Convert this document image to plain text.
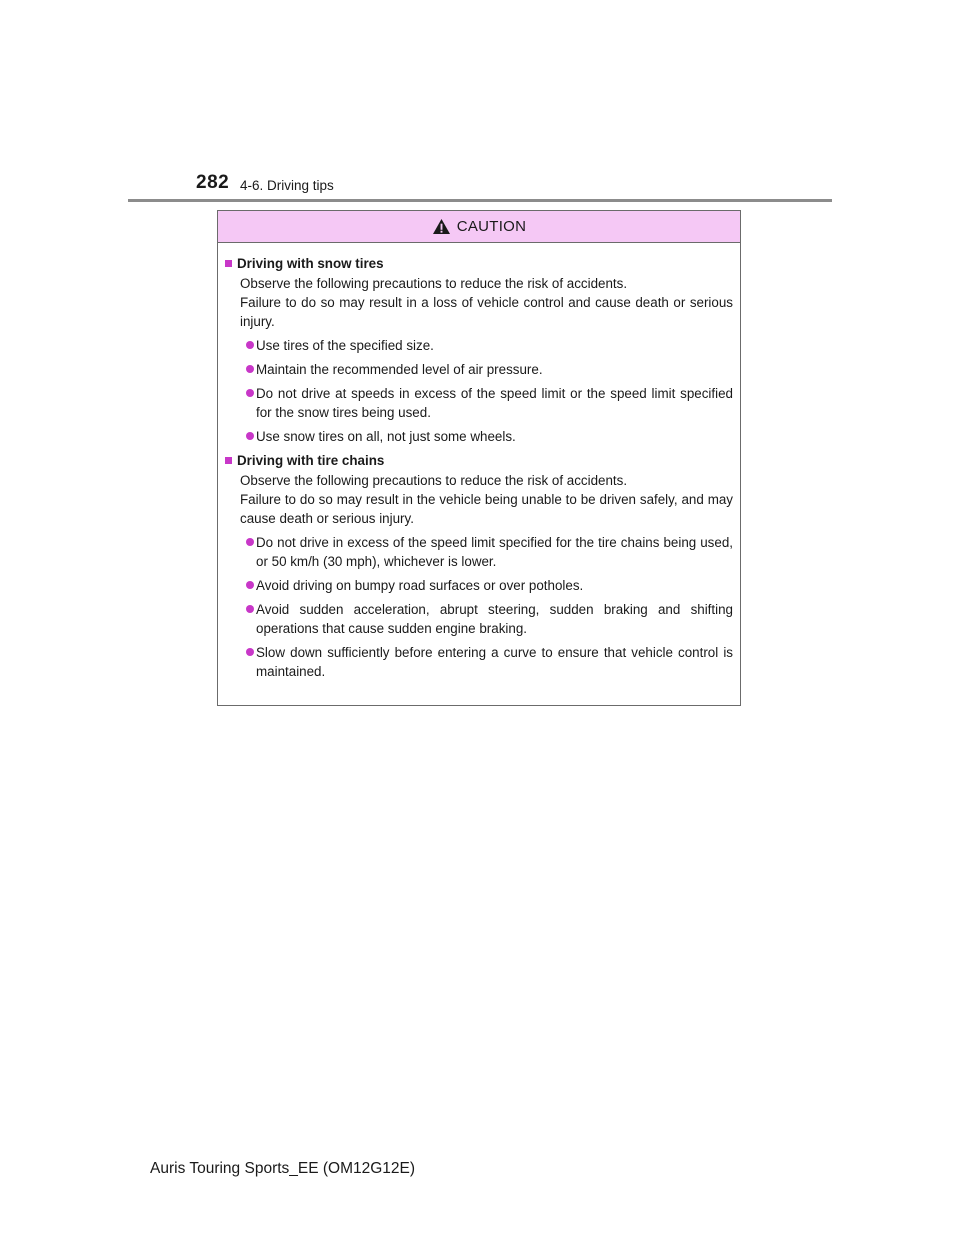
282 4-6. Driving tips
CAUTION
Driving with snow tires

Observe the following precautions to reduce the risk of accidents.
Failure to do so may result in a loss of vehicle control and cause death or serious injury.

Use tires of the specified size.
Maintain the recommended level of air pressure.
Do not drive at speeds in excess of the speed limit or the speed limit specified for the snow tires being used.
Use snow tires on all, not just some wheels.
Driving with tire chains

Observe the following precautions to reduce the risk of accidents.
Failure to do so may result in the vehicle being unable to be driven safely, and may cause death or serious injury.

Do not drive in excess of the speed limit specified for the tire chains being used, or 50 km/h (30 mph), whichever is lower.
Avoid driving on bumpy road surfaces or over potholes.
Avoid sudden acceleration, abrupt steering, sudden braking and shifting operations that cause sudden engine braking.
Slow down sufficiently before entering a curve to ensure that vehicle control is maintained.
Auris Touring Sports_EE (OM12G12E)
